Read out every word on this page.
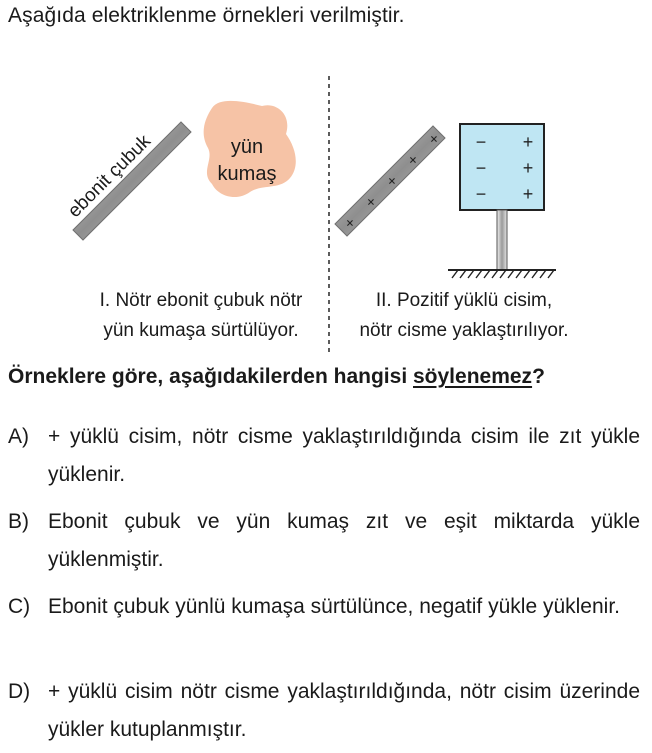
Aşağıda elektriklenme örnekleri verilmiştir.
+
+
+
+
+ −
−
−
+
+
+
ebonit çubuk	yün
kumaş
I. Nötr ebonit çubuk nötr
yün kumaşa sürtülüyor.
II. Pozitif yüklü cisim,
nötr cisme yaklaştırılıyor.
Örneklere göre, aşağıdakilerden hangisi söylenemez?
A) + yüklü cisim, nötr cisme yaklaştırıldığında cisim ile zıt yükle yüklenir.
B) Ebonit çubuk ve yün kumaş zıt ve eşit miktarda yükle yüklenmiştir.
C) Ebonit çubuk yünlü kumaşa sürtülünce, negatif yükle yüklenir.
D) + yüklü cisim nötr cisme yaklaştırıldığında, nötr cisim üzerinde yükler kutuplanmıştır.
